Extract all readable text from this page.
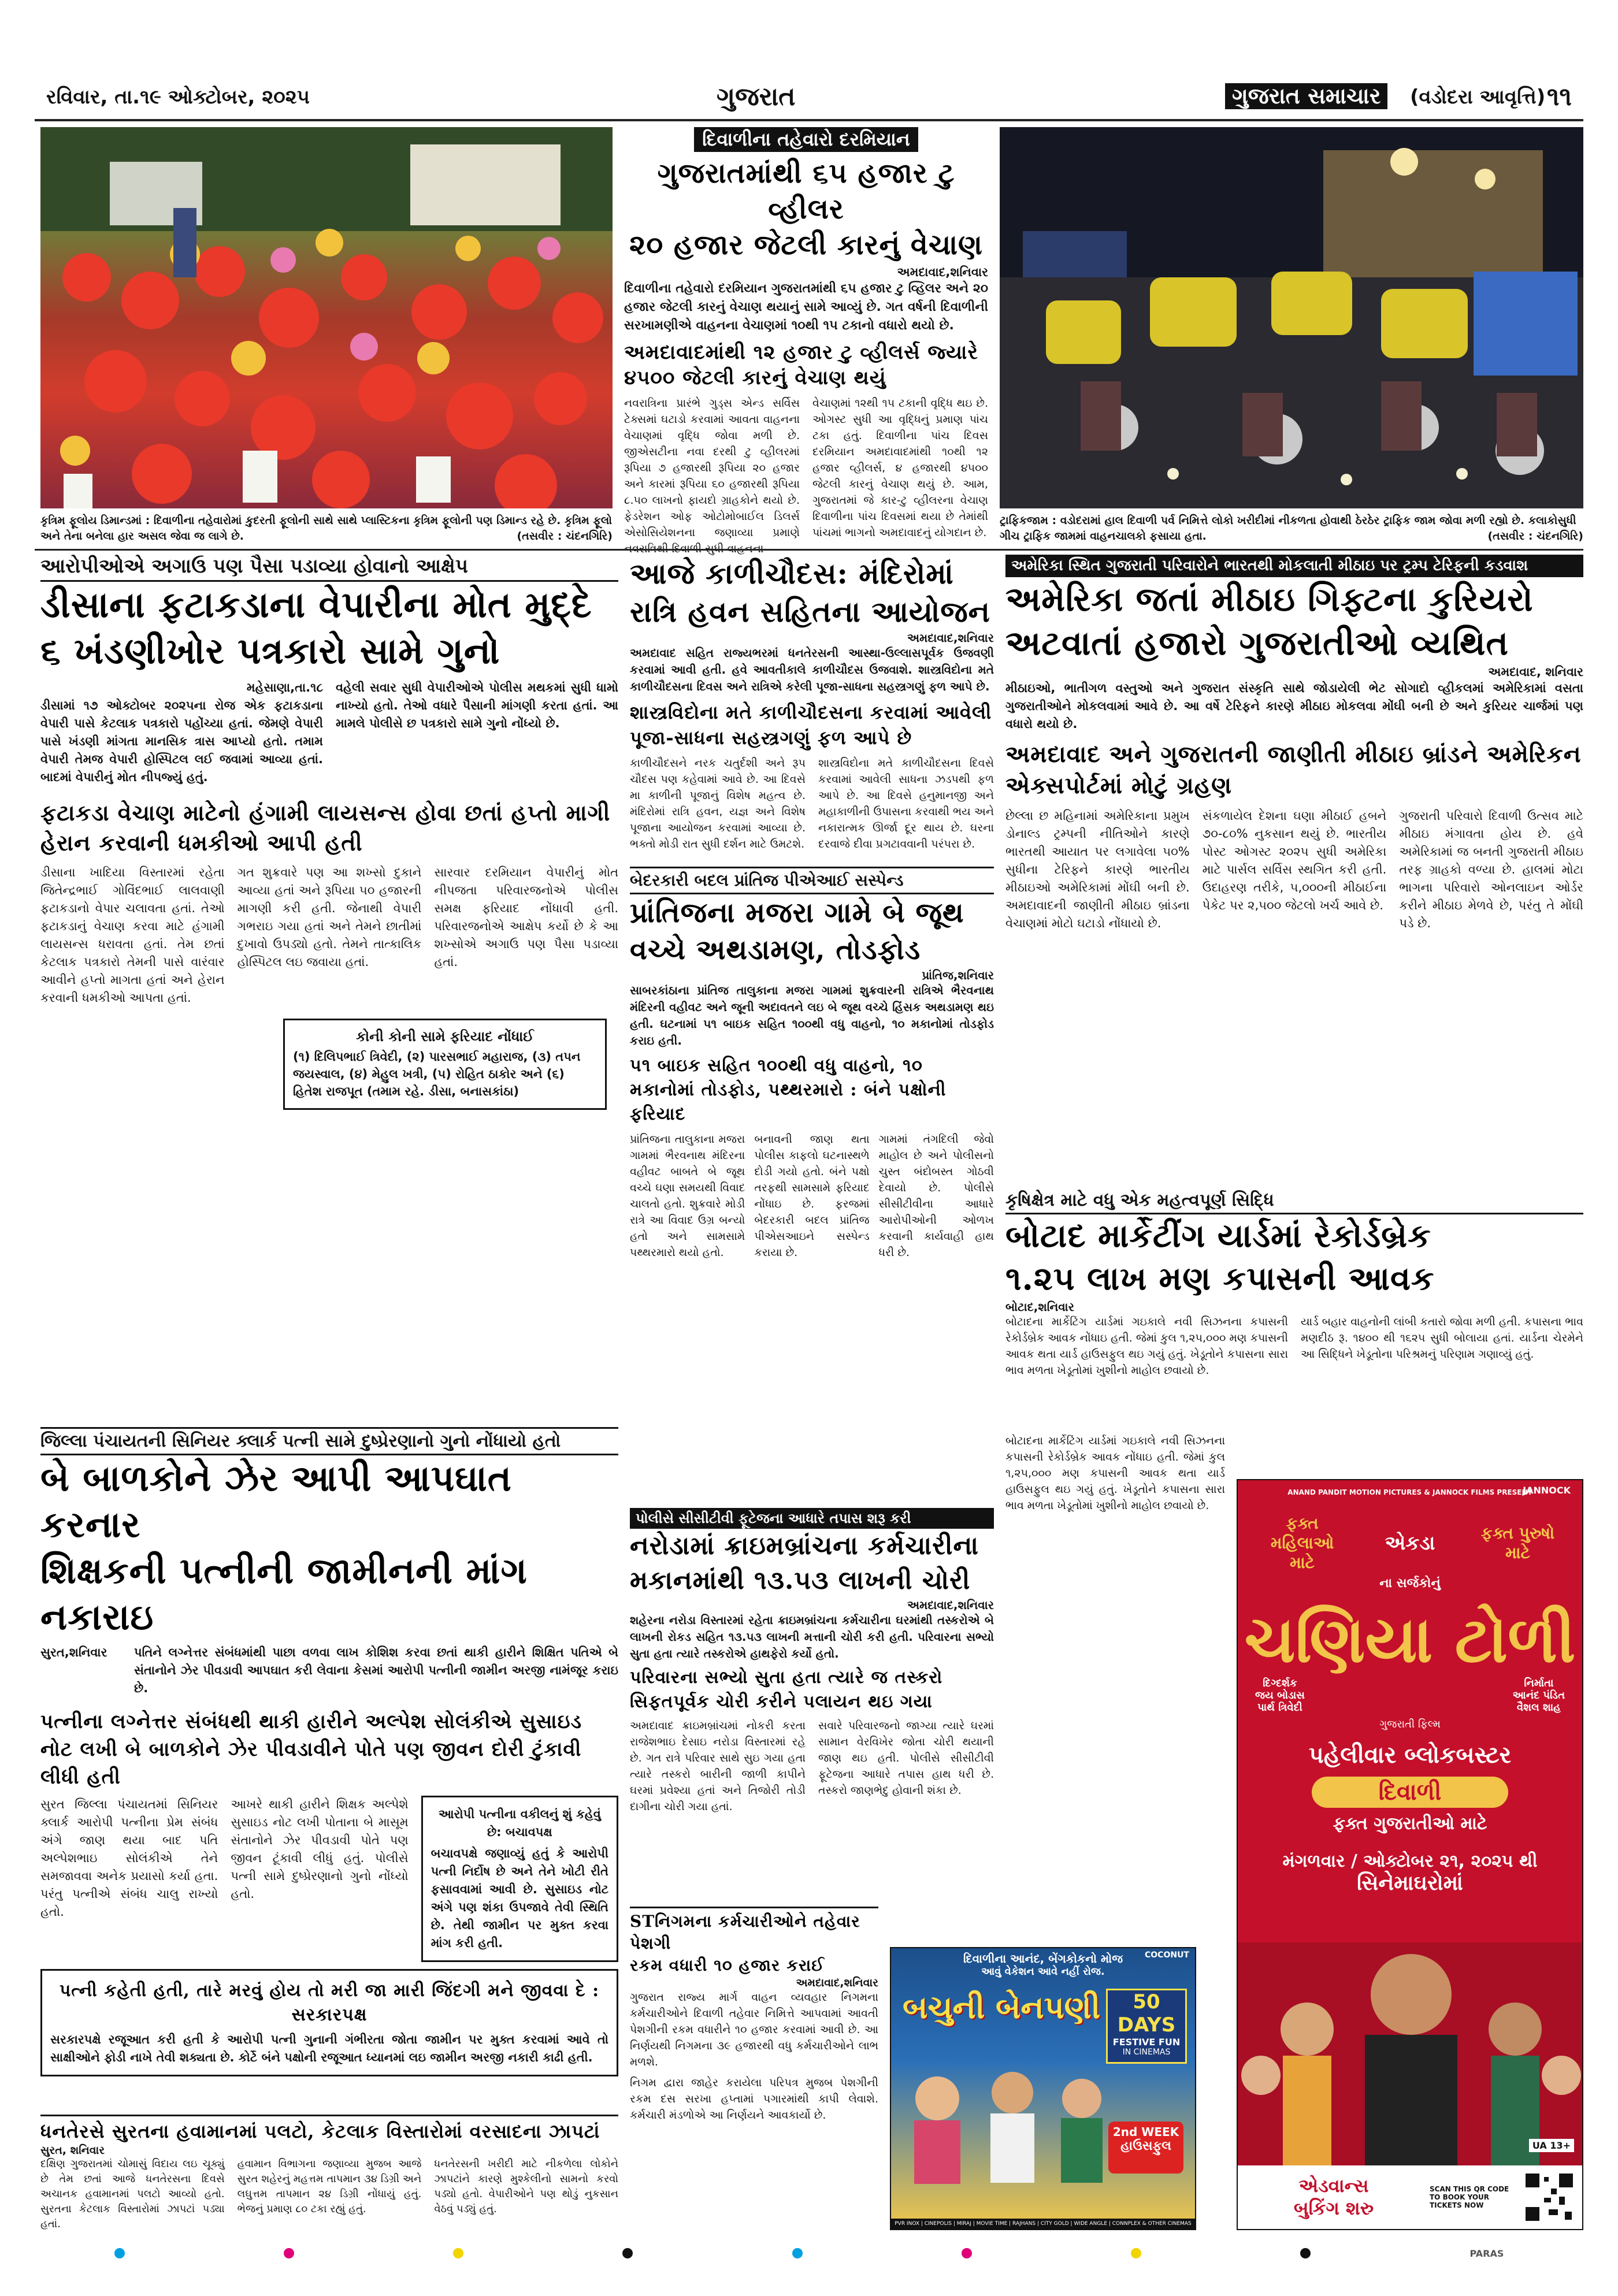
રવિવાર, તા.૧૯ ઓક્ટોબર, ૨૦૨૫	ગુજરાત	ગુજરાત સમાચાર	(વડોદરા આવૃત્તિ) ૧૧
કૃત્રિમ ફૂલોય ડિમાન્ડમાં : દિવાળીના તહેવારોમાં કુદરતી ફૂલોની સાથે સાથે પ્લાસ્ટિકના કૃત્રિમ ફૂલોની પણ ડિમાન્ડ રહે છે. કૃત્રિમ ફૂલો અને તેના બનેલા હાર અસલ જેવા જ લાગે છે.	(તસવીર : ચંદનગિરિ)
દિવાળીના તહેવારો દરમિયાન
ગુજરાતમાંથી ૬૫ હજાર ટુ વ્હીલર
૨૦ હજાર જેટલી કારનું વેચાણ
અમદાવાદ,શનિવાર
દિવાળીના તહેવારો દરમિયાન ગુજરાતમાંથી ૬૫ હજાર ટુ વ્હિલર અને ૨૦ હજાર જેટલી કારનું વેચાણ થયાનું સામે આવ્યું છે. ગત વર્ષની દિવાળીની સરખામણીએ વાહનના વેચાણમાં ૧૦થી ૧૫ ટકાનો વધારો થયો છે.
અમદાવાદમાંથી ૧૨ હજાર ટુ વ્હીલર્સ જ્યારે ૪૫૦૦ જેટલી કારનું વેચાણ થયું
નવરાત્રિના પ્રારંભે ગુડ્સ એન્ડ સર્વિસ ટેક્સમાં ઘટાડો કરવામાં આવતા વાહનના વેચાણમાં વૃદ્ધિ જોવા મળી છે. જીએસટીના નવા દરથી ટુ વ્હીલરમાં રૂપિયા ૭ હજારથી રૂપિયા ૨૦ હજાર અને કારમાં રૂપિયા ૬૦ હજારથી રૂપિયા ૮.૫૦ લાખનો ફાયદો ગ્રાહકોને થયો છે. ફેડરેશન ઓફ ઓટોમોબાઈલ ડિલર્સ એસોસિયેશનના જણાવ્યા પ્રમાણે
વેચાણમાં ૧૨થી ૧૫ ટકાની વૃદ્ધિ થઇ છે. ઓગસ્ટ સુધી આ વૃદ્ધિનું પ્રમાણ પાંચ ટકા હતું. દિવાળીના પાંચ દિવસ દરમિયાન અમદાવાદમાંથી ૧૦થી ૧૨ હજાર વ્હીલર્સ, ૪ હજારથી ૪૫૦૦ જેટલી કારનું વેચાણ થયું છે. આમ, ગુજરાતમાં જે કાર-ટુ વ્હીલરના વેચાણ દિવાળીના પાંચ દિવસમાં થયા છે તેમાંથી પાંચમાં ભાગનો અમદાવાદનું યોગદાન છે.
ટ્રાફિકજામ : વડોદરામાં હાલ દિવાળી પર્વ નિમિત્તે લોકો ખરીદીમાં નીકળતા હોવાથી ઠેરઠેર ટ્રાફિક જામ જોવા મળી રહ્યો છે. કલાકોસુધી ગીચ ટ્રાફિક જામમાં વાહનચાલકો ફસાયા હતા.	(તસવીર : ચંદનગિરિ)
આરોપીઓએ અગાઉ પણ પૈસા પડાવ્યા હોવાનો આક્ષેપ
ડીસાના ફટાકડાના વેપારીના મોત મુદ્દે
૬ ખંડણીખોર પત્રકારો સામે ગુનો
મહેસાણા,તા.૧૮

ડીસામાં ૧૭ ઓક્ટોબર ૨૦૨૫ના રોજ એક ફટાકડાના વેપારી પાસે કેટલાક પત્રકારો પહોંચ્યા હતાં. જેમણે વેપારી પાસે ખંડણી માંગતા માનસિક ત્રાસ આપ્યો હતો. તમામ વેપારી તેમજ વેપારી હોસ્પિટલ લઈ જવામાં આવ્યા હતાં. બાદમાં વેપારીનું મોત નીપજ્યું હતું.

વહેલી સવાર સુધી વેપારીઓએ પોલીસ મથકમાં સુધી ધામો નાખ્યો હતો. તેઓ વધારે પૈસાની માંગણી કરતા હતાં. આ મામલે પોલીસે છ પત્રકારો સામે ગુનો નોંધ્યો છે.

ફટાકડા વેચાણ માટેનો હંગામી લાયસન્સ હોવા છતાં હપ્તો માગી હેરાન કરવાની ધમકીઓ આપી હતી

ડીસાના ખાદિયા વિસ્તારમાં રહેતા જિતેન્દ્રભાઈ ગોવિંદભાઈ લાલવાણી ફટાકડાનો વેપાર ચલાવતા હતાં. તેઓ ફટાકડાનું વેચાણ કરવા માટે હંગામી લાયસન્સ ધરાવતા હતાં. તેમ છતાં કેટલાક પત્રકારો તેમની પાસે વારંવાર આવીને હપ્તો માગતા હતાં અને હેરાન કરવાની ધમકીઓ આપતા હતાં.

ગત શુક્રવારે પણ આ શખ્સો દુકાને આવ્યા હતાં અને રૂપિયા ૫૦ હજારની માગણી કરી હતી. જેનાથી વેપારી ગભરાઇ ગયા હતાં અને તેમને છાતીમાં દુખાવો ઉપડ્યો હતો. તેમને તાત્કાલિક હોસ્પિટલ લઇ જવાયા હતાં.

સારવાર દરમિયાન વેપારીનું મોત નીપજતા પરિવારજનોએ પોલીસ સમક્ષ ફરિયાદ નોંધાવી હતી. પરિવારજનોએ આક્ષેપ કર્યો છે કે આ શખ્સોએ અગાઉ પણ પૈસા પડાવ્યા હતાં.

કોની કોની સામે ફરિયાદ નોંધાઈ
(૧) દિલિપભાઈ ત્રિવેદી, (૨) પારસભાઈ મહારાજ, (૩) તપન જયસ્વાલ, (૪) મેહુલ ખત્રી, (૫) રોહિત ઠાકોર અને (૬) હિતેશ રાજપૂત (તમામ રહે. ડીસા, બનાસકાંઠા)
આજે કાળીચૌદસ: મંદિરોમાં
રાત્રિ હવન સહિતના આયોજન
અમદાવાદ,શનિવાર
અમદાવાદ સહિત રાજ્યભરમાં ધનતેરસની આસ્થા-ઉલ્લાસપૂર્વક ઉજવણી કરવામાં આવી હતી. હવે આવતીકાલે કાળીચૌદસ ઉજવાશે. શાસ્ત્રવિદોના મતે કાળીચૌદસના દિવસ અને રાત્રિએ કરેલી પૂજા-સાધના સહસ્ત્રગણું ફળ આપે છે.
શાસ્ત્રવિદોના મતે કાળીચૌદસના કરવામાં આવેલી પૂજા-સાધના સહસ્ત્રગણું ફળ આપે છે
કાળીચૌદસને નરક ચતુર્દશી અને રૂપ ચૌદસ પણ કહેવામાં આવે છે. આ દિવસે મા કાળીની પૂજાનું વિશેષ મહત્વ છે. મંદિરોમાં રાત્રિ હવન, યજ્ઞ અને વિશેષ પૂજાના આયોજન કરવામાં આવ્યા છે. ભક્તો મોડી રાત સુધી દર્શન માટે ઉમટશે.
શાસ્ત્રવિદોના મતે કાળીચૌદસના દિવસે કરવામાં આવેલી સાધના ઝડપથી ફળ આપે છે. આ દિવસે હનુમાનજી અને મહાકાળીની ઉપાસના કરવાથી ભય અને નકારાત્મક ઊર્જા દૂર થાય છે. ઘરના દરવાજે દીવા પ્રગટાવવાની પરંપરા છે.
બેદરકારી બદલ પ્રાંતિજ પીએઆઈ સસ્પેન્ડ
પ્રાંતિજના મજરા ગામે બે જૂથ
વચ્ચે અથડામણ, તોડફોડ
પ્રાંતિજ,શનિવાર
સાબરકાંઠાના પ્રાંતિજ તાલુકાના મજરા ગામમાં શુક્રવારની રાત્રિએ ભૈરવનાથ મંદિરની વહીવટ અને જૂની અદાવતને લઇ બે જૂથ વચ્ચે હિંસક અથડામણ થઇ હતી. ઘટનામાં ૫૧ બાઇક સહિત ૧૦૦થી વધુ વાહનો, ૧૦ મકાનોમાં તોડફોડ કરાઇ હતી.
૫૧ બાઇક સહિત ૧૦૦થી વધુ વાહનો, ૧૦ મકાનોમાં તોડફોડ, પથ્થરમારો : બંને પક્ષોની ફરિયાદ
પ્રાંતિજના તાલુકાના મજરા ગામમાં ભૈરવનાથ મંદિરના વહીવટ બાબતે બે જૂથ વચ્ચે ઘણા સમયથી વિવાદ ચાલતો હતો. શુક્રવારે મોડી રાત્રે આ વિવાદ ઉગ્ર બન્યો હતો અને સામસામે પથ્થરમારો થયો હતો.
બનાવની જાણ થતા પોલીસ કાફલો ઘટનાસ્થળે દોડી ગયો હતો. બંને પક્ષો તરફથી સામસામે ફરિયાદ નોંધાઇ છે. ફરજમાં બેદરકારી બદલ પ્રાંતિજ પીએસઆઇને સસ્પેન્ડ કરાયા છે.
ગામમાં તંગદિલી જેવો માહોલ છે અને પોલીસનો ચુસ્ત બંદોબસ્ત ગોઠવી દેવાયો છે. પોલીસે સીસીટીવીના આધારે આરોપીઓની ઓળખ કરવાની કાર્યવાહી હાથ ધરી છે.
અમેરિકા સ્થિત ગુજરાતી પરિવારોને ભારતથી મોકલાતી મીઠાઇ પર ટ્રમ્પ ટેરિફની કડવાશ
અમેરિકા જતાં મીઠાઇ ગિફ્ટના કુરિયરો
અટવાતાં હજારો ગુજરાતીઓ વ્યથિત
અમદાવાદ, શનિવાર
મીઠાઇઓ, ભાતીગળ વસ્તુઓ અને ગુજરાત સંસ્કૃતિ સાથે જોડાયેલી ભેટ સોગાદો વ્હીકલમાં અમેરિકામાં વસતા ગુજરાતીઓને મોકલવામાં આવે છે. આ વર્ષે ટેરિફને કારણે મીઠાઇ મોકલવા મોંઘી બની છે અને કુરિયર ચાર્જમાં પણ વધારો થયો છે.
અમદાવાદ અને ગુજરાતની જાણીતી મીઠાઇ બ્રાંડને અમેરિકન એક્સપોર્ટમાં મોટું ગ્રહણ
છેલ્લા છ મહિનામાં અમેરિકાના પ્રમુખ ડોનાલ્ડ ટ્રમ્પની નીતિઓને કારણે ભારતથી આયાત પર લગાવેલા ૫૦% સુધીના ટેરિફને કારણે ભારતીય મીઠાઇઓ અમેરિકામાં મોંઘી બની છે. અમદાવાદની જાણીતી મીઠાઇ બ્રાંડના વેચાણમાં મોટો ઘટાડો નોંધાયો છે.
સંકળાયેલ દેશના ઘણા મીઠાઈ હબને ૭૦-૮૦% નુકસાન થયું છે. ભારતીય પોસ્ટ ઓગસ્ટ ૨૦૨૫ સુધી અમેરિકા માટે પાર્સલ સર્વિસ સ્થગિત કરી હતી. ઉદાહરણ તરીકે, ૫,૦૦૦ની મીઠાઈના પેકેટ પર ૨,૫૦૦ જેટલો ખર્ચ આવે છે.
ગુજરાતી પરિવારો દિવાળી ઉત્સવ માટે મીઠાઇ મંગાવતા હોય છે. હવે અમેરિકામાં જ બનતી ગુજરાતી મીઠાઇ તરફ ગ્રાહકો વળ્યા છે. હાલમાં મોટા ભાગના પરિવારો ઓનલાઇન ઓર્ડર કરીને મીઠાઇ મેળવે છે, પરંતુ તે મોંઘી પડે છે.
કૃષિક્ષેત્ર માટે વધુ એક મહત્વપૂર્ણ સિદ્ધિ
બોટાદ માર્કેટીંગ યાર્ડમાં રેકોર્ડબ્રેક
૧.૨૫ લાખ મણ કપાસની આવક
બોટાદ,શનિવાર
બોટાદના માર્કેટિંગ યાર્ડમાં ગઇકાલે નવી સિઝનના કપાસની રેકોર્ડબ્રેક આવક નોંધાઇ હતી. જેમાં કુલ ૧,૨૫,૦૦૦ મણ કપાસની આવક થતા યાર્ડ હાઉસફુલ થઇ ગયું હતું. ખેડૂતોને કપાસના સારા ભાવ મળતા ખેડૂતોમાં ખુશીનો માહોલ છવાયો છે.
યાર્ડ બહાર વાહનોની લાંબી કતારો જોવા મળી હતી. કપાસના ભાવ મણદીઠ રૂ. ૧૪૦૦ થી ૧૬૨૫ સુધી બોલાયા હતાં. યાર્ડના ચેરમેને આ સિદ્ધિને ખેડૂતોના પરિશ્રમનું પરિણામ ગણાવ્યું હતું.

બોટાદના માર્કેટિંગ યાર્ડમાં ગઇકાલે નવી સિઝનના કપાસની રેકોર્ડબ્રેક આવક નોંધાઇ હતી. જેમાં કુલ ૧,૨૫,૦૦૦ મણ કપાસની આવક થતા યાર્ડ હાઉસફુલ થઇ ગયું હતું. ખેડૂતોને કપાસના સારા ભાવ મળતા ખેડૂતોમાં ખુશીનો માહોલ છવાયો છે.

જિલ્લા પંચાયતની સિનિયર ક્લાર્ક પત્ની સામે દુષ્પ્રેરણાનો ગુનો નોંધાયો હતો
બે બાળકોને ઝેર આપી આપઘાત કરનાર
શિક્ષકની પત્નીની જામીનની માંગ નકારાઇ
સુરત,શનિવાર	પતિને લગ્નેત્તર સંબંધમાંથી પાછા વળવા લાખ કોશિશ કરવા છતાં થાકી હારીને શિક્ષિત પતિએ બે સંતાનોને ઝેર પીવડાવી આપઘાત કરી લેવાના કેસમાં આરોપી પત્નીની જામીન અરજી નામંજૂર કરાઇ છે.

પત્નીના લગ્નેત્તર સંબંધથી થાકી હારીને અલ્પેશ સોલંકીએ સુસાઇડ નોટ લખી બે બાળકોને ઝેર પીવડાવીને પોતે પણ જીવન દોરી ટુંકાવી લીધી હતી

સુરત જિલ્લા પંચાયતમાં સિનિયર ક્લાર્ક આરોપી પત્નીના પ્રેમ સંબંધ અંગે જાણ થયા બાદ પતિ અલ્પેશભાઇ સોલંકીએ તેને સમજાવવા અનેક પ્રયાસો કર્યા હતા. પરંતુ પત્નીએ સંબંધ ચાલુ રાખ્યો હતો.

આખરે થાકી હારીને શિક્ષક અલ્પેશે સુસાઇડ નોટ લખી પોતાના બે માસૂમ સંતાનોને ઝેર પીવડાવી પોતે પણ જીવન ટૂંકાવી લીધું હતું. પોલીસે પત્ની સામે દુષ્પ્રેરણાનો ગુનો નોંધ્યો હતો.

આરોપી પત્નીના વકીલનું શું કહેવું છે: બચાવપક્ષ
બચાવપક્ષે જણાવ્યું હતું કે આરોપી પત્ની નિર્દોષ છે અને તેને ખોટી રીતે ફસાવવામાં આવી છે. સુસાઇડ નોટ અંગે પણ શંકા ઉપજાવે તેવી સ્થિતિ છે. તેથી જામીન પર મુક્ત કરવા માંગ કરી હતી.
પત્ની કહેતી હતી, તારે મરવું હોય તો મરી જા મારી જિંદગી મને જીવવા દે : સરકારપક્ષ
સરકારપક્ષે રજૂઆત કરી હતી કે આરોપી પત્ની ગુનાની ગંભીરતા જોતા જામીન પર મુક્ત કરવામાં આવે તો સાક્ષીઓને ફોડી નાખે તેવી શક્યતા છે. કોર્ટે બંને પક્ષોની રજૂઆત ધ્યાનમાં લઇ જામીન અરજી નકારી કાઢી હતી.
ધનતેરસે સુરતના હવામાનમાં પલટો, કેટલાક વિસ્તારોમાં વરસાદના ઝાપટાં
સુરત, શનિવાર
દક્ષિણ ગુજરાતમાં ચોમાસું વિદાય લઇ ચૂક્યું છે તેમ છતાં આજે ધનતેરસના દિવસે અચાનક હવામાનમાં પલટો આવ્યો હતો. સુરતના કેટલાક વિસ્તારોમાં ઝાપટાં પડ્યા હતાં.
હવામાન વિભાગના જણાવ્યા મુજબ આજે સુરત શહેરનું મહત્તમ તાપમાન ૩૪ ડિગ્રી અને લઘુત્તમ તાપમાન ૨૪ ડિગ્રી નોંધાયું હતું. ભેજનું પ્રમાણ ૮૦ ટકા રહ્યું હતું.
ધનતેરસની ખરીદી માટે નીકળેલા લોકોને ઝાપટાંને કારણે મુશ્કેલીનો સામનો કરવો પડ્યો હતો. વેપારીઓને પણ થોડું નુકસાન વેઠવું પડ્યું હતું.
પોલીસે સીસીટીવી ફૂટેજના આધારે તપાસ શરૂ કરી
નરોડામાં ક્રાઇમબ્રાંચના કર્મચારીના
મકાનમાંથી ૧૩.૫૩ લાખની ચોરી
અમદાવાદ,શનિવાર
શહેરના નરોડા વિસ્તારમાં રહેતા ક્રાઇમબ્રાંચના કર્મચારીના ઘરમાંથી તસ્કરોએ બે લાખની રોકડ સહિત ૧૩.૫૩ લાખની મત્તાની ચોરી કરી હતી. પરિવારના સભ્યો સુતા હતા ત્યારે તસ્કરોએ હાથફેરો કર્યો હતો.
પરિવારના સભ્યો સુતા હતા ત્યારે જ તસ્કરો સિફતપૂર્વક ચોરી કરીને પલાયન થઇ ગયા
અમદાવાદ ક્રાઇમબ્રાંચમાં નોકરી કરતા રાજેશભાઇ દેસાઇ નરોડા વિસ્તારમાં રહે છે. ગત રાત્રે પરિવાર સાથે સુઇ ગયા હતા ત્યારે તસ્કરો બારીની જાળી કાપીને ઘરમાં પ્રવેશ્યા હતાં અને તિજોરી તોડી દાગીના ચોરી ગયા હતાં.
સવારે પરિવારજનો જાગ્યા ત્યારે ઘરમાં સામાન વેરવિખેર જોતા ચોરી થયાની જાણ થઇ હતી. પોલીસે સીસીટીવી ફૂટેજના આધારે તપાસ હાથ ધરી છે. તસ્કરો જાણભેદુ હોવાની શંકા છે.
STનિગમના કર્મચારીઓને તહેવાર પેશગી
રકમ વધારી ૧૦ હજાર કરાઈ
અમદાવાદ,શનિવાર
ગુજરાત રાજ્ય માર્ગ વાહન વ્યવહાર નિગમના કર્મચારીઓને દિવાળી તહેવાર નિમિત્તે આપવામાં આવતી પેશગીની રકમ વધારીને ૧૦ હજાર કરવામાં આવી છે. આ નિર્ણયથી નિગમના ૩૯ હજારથી વધુ કર્મચારીઓને લાભ મળશે.
નિગમ દ્વારા જાહેર કરાયેલા પરિપત્ર મુજબ પેશગીની રકમ દસ સરખા હપ્તામાં પગારમાંથી કાપી લેવાશે. કર્મચારી મંડળોએ આ નિર્ણયને આવકાર્યો છે.
દિવાળીના આનંદ, બેંગકોકનો મોજ
આવું વેકેશન આવે નહીં રોજ.
COCONUT
બચુની બેનપણી	50 DAYS
FESTIVE FUN
IN CINEMAS
2nd WEEK
હાઉસફુલ
PVR INOX | CINEPOLIS | MIRAJ | MOVIE TIME | RAJHANS | CITY GOLD | WIDE ANGLE | CONNPLEX & OTHER CINEMAS
ANAND PANDIT MOTION PICTURES & JANNOCK FILMS PRESENT
JANNOCK
ફક્ત મહિલાઓ માટે
એકડા	ફક્ત પુરુષો માટે
ના સર્જકોનું
ચણિયા ટોળી
દિગ્દર્શક
જય બોડાસ
પાર્થ ત્રિવેદી
નિર્માતા
આનંદ પંડિત
વૈશલ શાહ
ગુજરાતી ફિલ્મ
પહેલીવાર બ્લોકબસ્ટર
દિવાળી
ફક્ત ગુજરાતીઓ માટે
મંગળવાર / ઓક્ટોબર ૨૧, ૨૦૨૫ થી
સિનેમાઘરોમાં
UA 13+
એડવાન્સ
બુકિંગ શરુ
SCAN THIS QR CODE TO BOOK YOUR TICKETS NOW
PARAS
